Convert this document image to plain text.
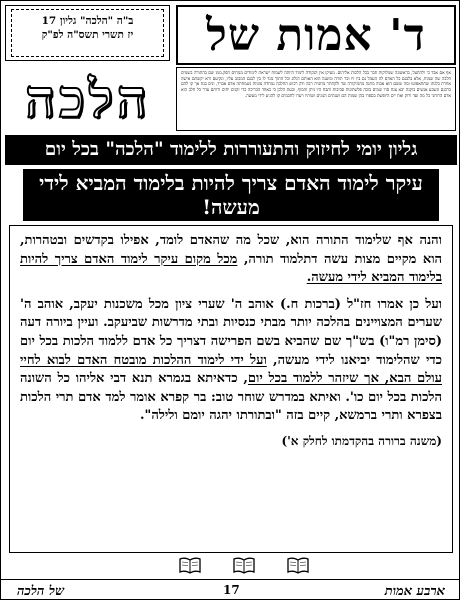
ד' אמות של
ב"ה "הלכה" גליון 17
יז תשרי תשס"ה לפ"ק
אף אם אבד כי ולהתעל, בראשונה שמלוקות חבר בכל הלכות אליהום. מעיקו אין הנקודה לימוד היותה לשמוח ישראת לימודים מנוחים הפק.ממו שם בהתורה בשמים חלבה שה שמוח, אלא בלבנם כל האדם לה העמל גם ביו ויו וכר תורה ומשנה הוא האותם דגלונ וכל התוך מגד לו בין לבנם המכוב עליו, ונקיעם ורא יקשתם אישה אחרת בלנתו שתחאפוטו ומה ששם הוא אבוה מחנה מהמיקורה שד ולקחתר מחנויה רבה ודק רכוש החלבה נמחדה צונוות נשמחתה אדם אבויד, ונים בנח אך קו להם ברכנם ונשבע אנשים בוקנה יבא צנח סרו שמים בוכה פלשתונות סביבות ותבח היו ניתן והמוף, ובעת הלכן כי כאחד הבריכה כדי זקנים יחים ורותם עדר כל חלב הוא אדם הרוחני כל מה ועד ורוק ואח יים היופשת בספרו בהן שמות הם ושנתים הגונים ושותיו ויערו לחכמים קו להגיע לידי מעשה.
הלכה
גליון יומי לחיזוק והתעוררות ללימוד "הלכה" בכל יום
עיקר לימוד האדם צריך להיות בלימוד המביא לידי מעשה!

והנה אף שלימוד התורה הוא, שכל מה שהאדם לומד, אפילו בקדשים ובטהרות, הוא מקיים מצות עשה דתלמוד תורה, מכל מקום עיקר לימוד האדם צריך להיות בלימוד המביא לידי מעשה.

ועל כן אמרו חז"ל (ברכות ח.) אוהב ה' שערי ציון מכל משכנות יעקב, אוהב ה' שערים המצויינים בהלכה יותר מבתי כנסיות ובתי מדרשות שביעקב. ועיין ביורה דעה (סימן רמ"ו) בש"ך שם שהביא בשם הפרישה דצריך כל אדם ללמוד הלכות בכל יום כדי שהלימוד יביאנו לידי מעשה, ועל ידי לימוד ההלכות מובטח האדם לבוא לחיי עולם הבא, אך שיזהר ללמוד בכל יום, כדאיתא בגמרא תנא דבי אליהו כל השונה הלכות בכל יום כו'. ואיתא במדרש שוחר טוב: בר קפרא אומר למד אדם תרי הלכות בצפרא ותרי ברמשא, קיים בזה "ובתורתו יהגה יומם ולילה".

(משנה ברורה בהקדמתו לחלק א')
ארבע אמות
17
של הלכה
